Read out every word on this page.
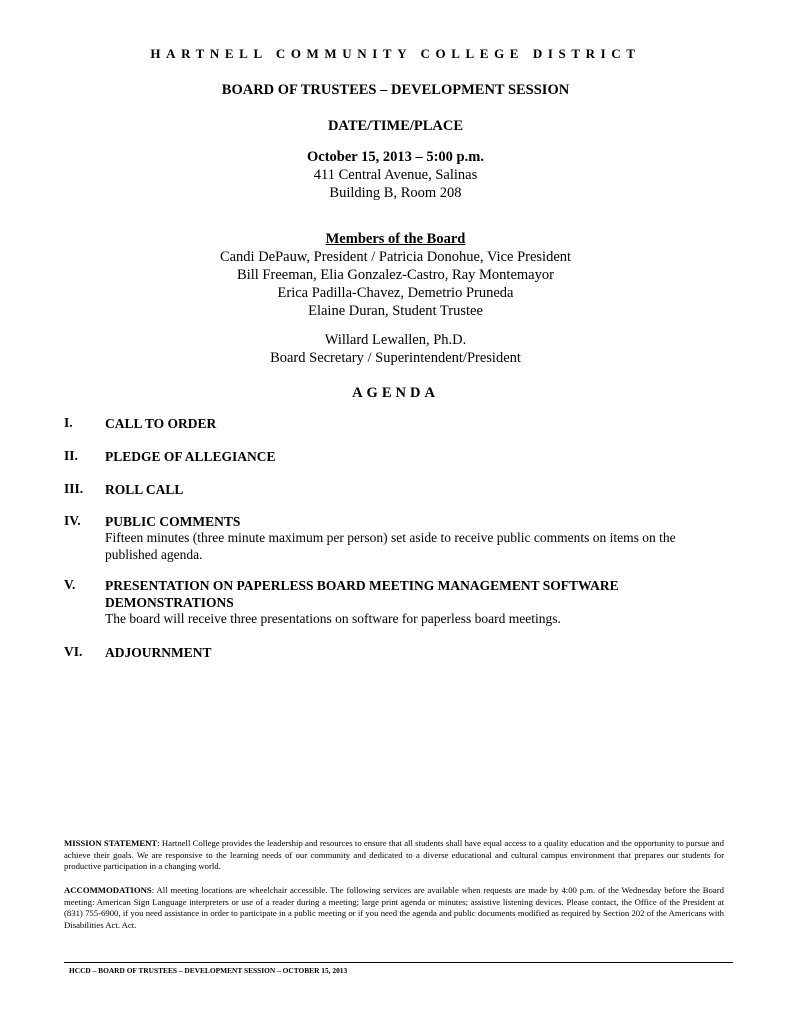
HARTNELL COMMUNITY COLLEGE DISTRICT
BOARD OF TRUSTEES – DEVELOPMENT SESSION
DATE/TIME/PLACE
October 15, 2013 – 5:00 p.m.
411 Central Avenue, Salinas
Building B, Room 208
Members of the Board
Candi DePauw, President / Patricia Donohue, Vice President
Bill Freeman, Elia Gonzalez-Castro, Ray Montemayor
Erica Padilla-Chavez, Demetrio Pruneda
Elaine Duran, Student Trustee
Willard Lewallen, Ph.D.
Board Secretary / Superintendent/President
AGENDA
I. CALL TO ORDER
II. PLEDGE OF ALLEGIANCE
III. ROLL CALL
IV. PUBLIC COMMENTS
Fifteen minutes (three minute maximum per person) set aside to receive public comments on items on the published agenda.
V. PRESENTATION ON PAPERLESS BOARD MEETING MANAGEMENT SOFTWARE DEMONSTRATIONS
The board will receive three presentations on software for paperless board meetings.
VI. ADJOURNMENT
MISSION STATEMENT: Hartnell College provides the leadership and resources to ensure that all students shall have equal access to a quality education and the opportunity to pursue and achieve their goals. We are responsive to the learning needs of our community and dedicated to a diverse educational and cultural campus environment that prepares our students for productive participation in a changing world.
ACCOMMODATIONS: All meeting locations are wheelchair accessible. The following services are available when requests are made by 4:00 p.m. of the Wednesday before the Board meeting: American Sign Language interpreters or use of a reader during a meeting; large print agenda or minutes; assistive listening devices. Please contact, the Office of the President at (831) 755-6900, if you need assistance in order to participate in a public meeting or if you need the agenda and public documents modified as required by Section 202 of the Americans with Disabilities Act. Act.
HCCD – BOARD OF TRUSTEES – DEVELOPMENT SESSION – OCTOBER 15, 2013
